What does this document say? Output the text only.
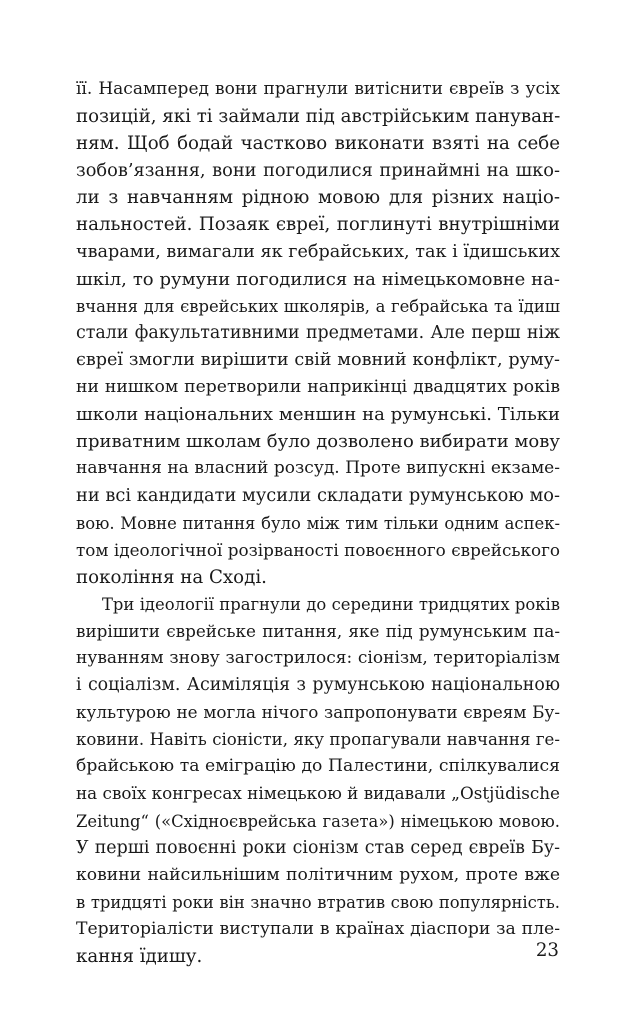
її. Насамперед вони прагнули витіснити євреїв з усіх
позицій, які ті займали під австрійським пануван-
ням. Щоб бодай частково виконати взяті на себе
зобов’язання, вони погодилися принаймні на шко-
ли з навчанням рідною мовою для різних націо-
нальностей. Позаяк євреї, поглинуті внутрішніми
чварами, вимагали як гебрайських, так і їдишських
шкіл, то румуни погодилися на німецькомовне на-
вчання для єврейських школярів, а гебрайська та їдиш
стали факультативними предметами. Але перш ніж
євреї змогли вирішити свій мовний конфлікт, руму-
ни нишком перетворили наприкінці двадцятих років
школи національних меншин на румунські. Тільки
приватним школам було дозволено вибирати мову
навчання на власний розсуд. Проте випускні екзаме-
ни всі кандидати мусили складати румунською мо-
вою. Мовне питання було між тим тільки одним аспек-
том ідеологічної розірваності повоєнного єврейського
покоління на Сході.
Три ідеології прагнули до середини тридцятих років
вирішити єврейське питання, яке під румунським па-
нуванням знову загострилося: сіонізм, територіалізм
і соціалізм. Асиміляція з румунською національною
культурою не могла нічого запропонувати євреям Бу-
ковини. Навіть сіоністи, яку пропагували навчання ге-
брайською та еміграцію до Палестини, спілкувалися
на своїх конгресах німецькою й видавали „Ostjüdische
Zeitung“ («Східноєврейська газета») німецькою мовою.
У перші повоєнні роки сіонізм став серед євреїв Бу-
ковини найсильнішим політичним рухом, проте вже
в тридцяті роки він значно втратив свою популярність.
Територіалісти виступали в країнах діаспори за пле-
кання їдишу.	23
